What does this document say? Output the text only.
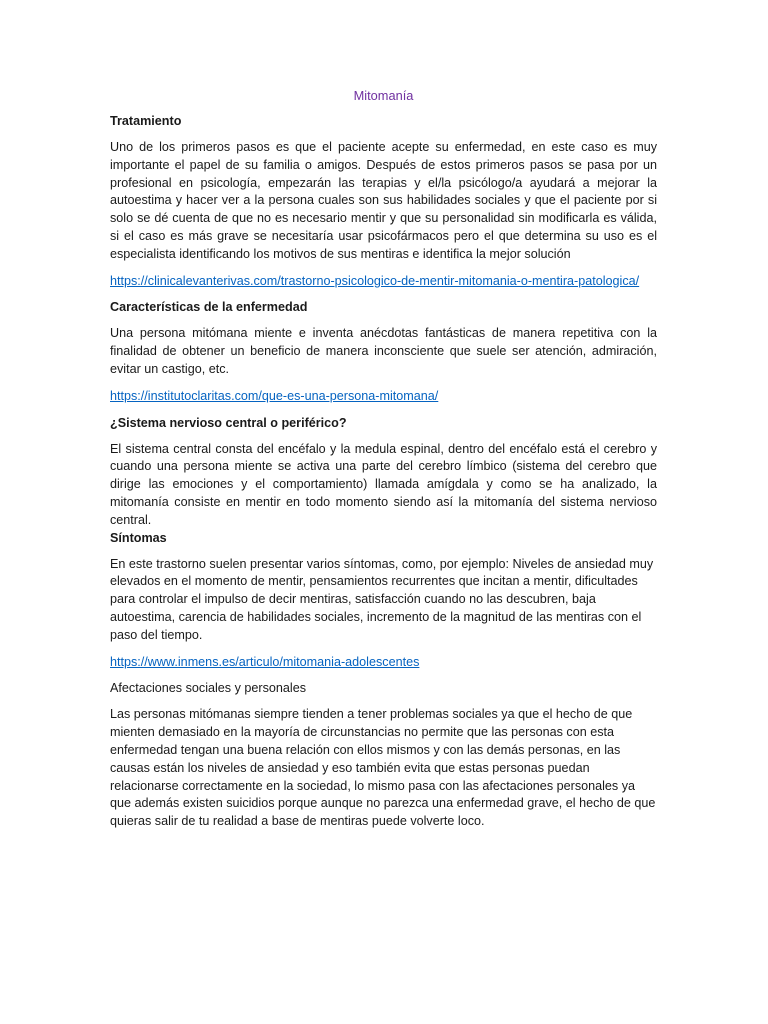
Mitomanía
Tratamiento
Uno de los primeros pasos es que el paciente acepte su enfermedad, en este caso es muy importante el papel de su familia o amigos. Después de estos primeros pasos se pasa por un profesional en psicología, empezarán las terapias y el/la psicólogo/a ayudará a mejorar la autoestima y hacer ver a la persona cuales son sus habilidades sociales y que el paciente por si solo se dé cuenta de que no es necesario mentir y que su personalidad sin modificarla es válida, si el caso es más grave se necesitaría usar psicofármacos pero el que determina su uso es el especialista identificando los motivos de sus mentiras e identifica la mejor solución
https://clinicalevanterivas.com/trastorno-psicologico-de-mentir-mitomania-o-mentira-patologica/
Características de la enfermedad
Una persona mitómana miente e inventa anécdotas fantásticas de manera repetitiva con la finalidad de obtener un beneficio de manera inconsciente que suele ser atención, admiración, evitar un castigo, etc.
https://institutoclaritas.com/que-es-una-persona-mitomana/
¿Sistema nervioso central o periférico?
El sistema central consta del encéfalo y la medula espinal, dentro del encéfalo está el cerebro y cuando una persona miente se activa una parte del cerebro límbico (sistema del cerebro que dirige las emociones y el comportamiento) llamada amígdala y como se ha analizado, la mitomanía consiste en mentir en todo momento siendo así la mitomanía del sistema nervioso central.
Síntomas
En este trastorno suelen presentar varios síntomas, como, por ejemplo: Niveles de ansiedad muy elevados en el momento de mentir, pensamientos recurrentes que incitan a mentir, dificultades para controlar el impulso de decir mentiras, satisfacción cuando no las descubren, baja autoestima, carencia de habilidades sociales, incremento de la magnitud de las mentiras con el paso del tiempo.
https://www.inmens.es/articulo/mitomania-adolescentes
Afectaciones sociales y personales
Las personas mitómanas siempre tienden a tener problemas sociales ya que el hecho de que mienten demasiado en la mayoría de circunstancias no permite que las personas con esta enfermedad tengan una buena relación con ellos mismos y con las demás personas, en las causas están los niveles de ansiedad y eso también evita que estas personas puedan relacionarse correctamente en la sociedad, lo mismo pasa con las afectaciones personales ya que además existen suicidios porque aunque no parezca una enfermedad grave, el hecho de que quieras salir de tu realidad a base de mentiras puede volverte loco.
